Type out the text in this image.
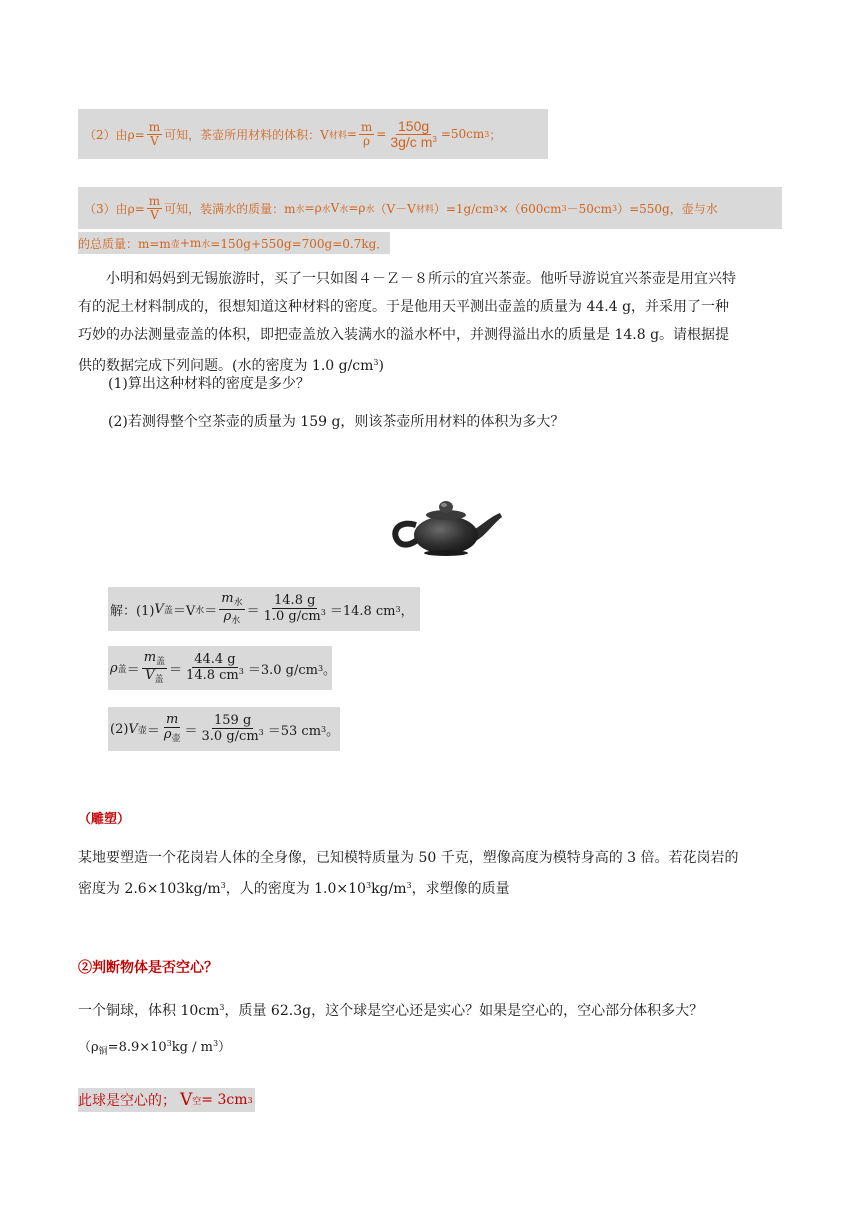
（2）由$\rho= \frac{m}{V}$ 可知，茶壶所用材料的体积：V 材料 = $\frac{m}{\rho} = \frac{150g}{3g/c m^3} =50cm$ 3 ；
（3）由$\rho= \frac{m}{V}$ 可知，装满水的质量：m 水 =ρ 水 V 水 =ρ 水 （V－V 材料 ）=1g/cm 3 ×（600cm 3 －50cm 3 ）=550g，壶与水
的总质量：m=m 壶 +m 水 =150g+550g=700g=0.7kg．
小明和妈妈到无锡旅游时，买了一只如图４－Ｚ－８所示的宜兴茶壶。他听导游说宜兴茶壶是用宜兴特
有的泥土材料制成的，很想知道这种材料的密度。于是他用天平测出壶盖的质量为 44.4 g，并采用了一种
巧妙的办法测量壶盖的体积，即把壶盖放入装满水的溢水杯中，并测得溢出水的质量是 14.8 g。请根据提
供的数据完成下列问题。(水的密度为 1.0 $g/cm^3$)
(1)算出这种材料的密度是多少？
(2)若测得整个空茶壶的质量为 159 g，则该茶壶所用材料的体积为多大？
解：(1) V 盖 ＝V 水 ＝
$m_水$
$\rho_水$
＝
14.8 g
1.0 $g/cm^3 =14.8$ cm 3 ，
ρ 盖 ＝
$m_盖$
$V_盖$
＝
44.4 g
14.8 $cm^3 =3.0$ g/cm 3 。
(2) V 壶 ＝
m
$\rho_壶$
＝
159 g
3.0 $g/cm^3 =53$ cm 3 。
（雕塑）
某地要塑造一个花岗岩人体的全身像，已知模特质量为 50 千克，塑像高度为模特身高的 3 倍。若花岗岩的
密度为 $2.6\times 103kg/m^3$，人的密度为 $1.0\times 10^3kg/m^3$，求塑像的质量
②判断物体是否空心？
一个铜球，体积 $10cm^3$，质量 62.3g，这个球是空心还是实心？如果是空心的，空心部分体积多大？
$(\rho_铜=8.9\times 10^3kg / m^3)$
此球是空心的； V 空 = 3cm 3
